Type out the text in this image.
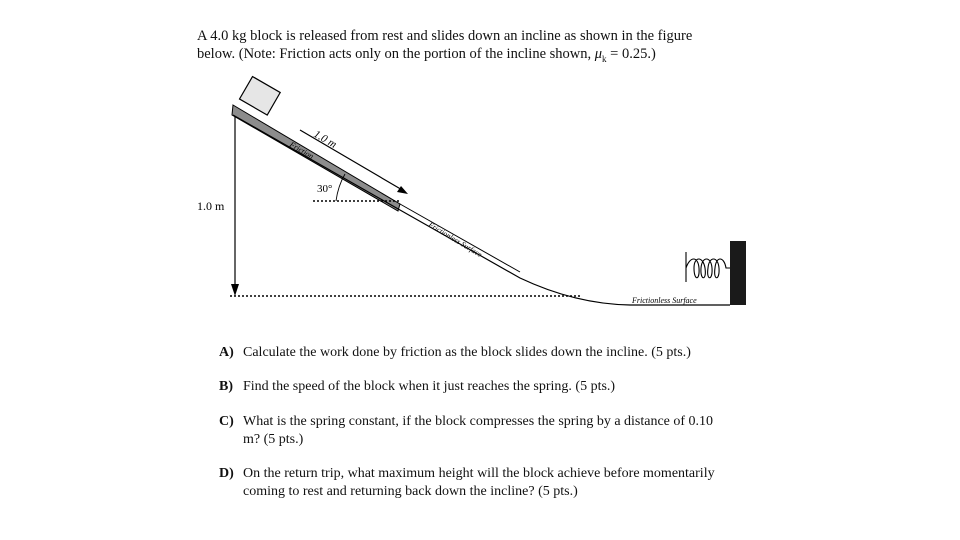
A 4.0 kg block is released from rest and slides down an incline as shown in the figure

below. (Note: Friction acts only on the portion of the incline shown, $\mu_k = 0.25$.)

1.0 m
1.0 m
Friction
30°
Frictionless Surface
Frictionless Surface
A) Calculate the work done by friction as the block slides down the incline. (5 pts.)
B) Find the speed of the block when it just reaches the spring. (5 pts.)
C) What is the spring constant, if the block compresses the spring by a distance of 0.10 m? (5 pts.)
D) On the return trip, what maximum height will the block achieve before momentarily coming to rest and returning back down the incline? (5 pts.)
